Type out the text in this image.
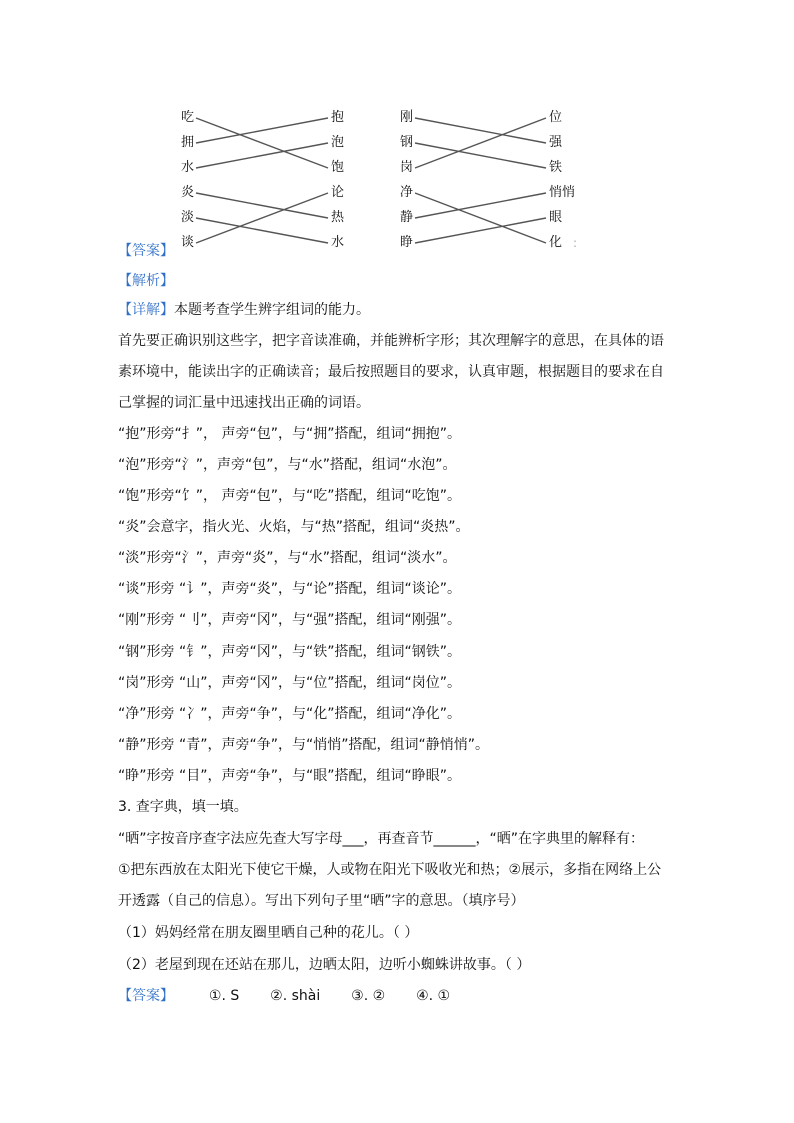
吃
拥
水
抱
泡
饱
炎
淡
谈
论
热
水
刚
钢
岗
位
强
铁
净
静
睁
悄悄
眼
化 :
【答案】
【解析】
【详解】本题考查学生辨字组词的能力。
首先要正确识别这些字，把字音读准确，并能辨析字形；其次理解字的意思，在具体的语
素环境中，能读出字的正确读音；最后按照题目的要求，认真审题，根据题目的要求在自
己掌握的词汇量中迅速找出正确的词语。
“抱”形旁“扌”， 声旁“包”，与“拥”搭配，组词“拥抱”。
“泡”形旁“氵”，声旁“包”，与“水”搭配，组词“水泡”。
“饱”形旁“饣”， 声旁“包”，与“吃”搭配，组词“吃饱”。
“炎”会意字，指火光、火焰，与“热”搭配，组词“炎热”。
“淡”形旁“氵”，声旁“炎”，与“水”搭配，组词“淡水”。
“谈”形旁 “讠”，声旁“炎”，与“论”搭配，组词“谈论”。
“刚”形旁 “刂”，声旁“冈”，与“强”搭配，组词“刚强”。
“钢”形旁 “钅”，声旁“冈”，与“铁”搭配，组词“钢铁”。
“岗”形旁 “山”，声旁“冈”，与“位”搭配，组词“岗位”。
“净”形旁 “冫”，声旁“争”，与“化”搭配，组词“净化”。
“静”形旁 “青”，声旁“争”，与“悄悄”搭配，组词“静悄悄”。
“睁”形旁 “目”，声旁“争”，与“眼”搭配，组词“睁眼”。
3. 查字典，填一填。
“晒”字按音序查字法应先查大写字母___，再查音节______，“晒”在字典里的解释有：
①把东西放在太阳光下使它干燥，人或物在阳光下吸收光和热；②展示，多指在网络上公
开透露（自己的信息）。写出下列句子里“晒”字的意思。（填序号）
（1）妈妈经常在朋友圈里晒自己种的花儿。（ ）
（2）老屋到现在还站在那儿，边晒太阳，边听小蜘蛛讲故事。（ ）
【答案】 ①. S ②. shài ③. ② ④. ①
